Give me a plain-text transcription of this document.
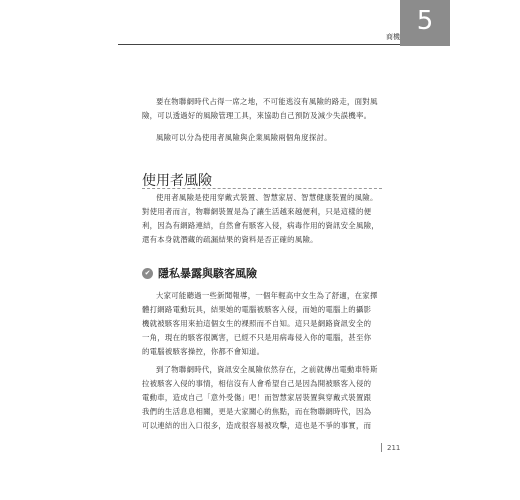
5
商機
要在物聯網時代占得一席之地，不可能逃沒有風險的路走，面對風
險，可以透過好的風險管理工具，來協助自己預防及減少失誤機率。
風險可以分為使用者風險與企業風險兩個角度探討。
使用者風險
使用者風險是使用穿戴式裝置、智慧家居、智慧健康裝置的風險。
對使用者而言，物聯網裝置是為了讓生活越來越便利，只是這樣的便
利，因為有網路連結，自然會有駭客入侵，病毒作用的資訊安全風險，
還有本身就潛藏的疏漏結果的資料是否正確的風險。
✔ 隱私暴露與駭客風險
大家可能聽過一些新聞報導，一個年輕高中女生為了舒適，在家擇
體打網路電動玩具，結果她的電腦被駭客入侵，而她的電腦上的攝影
機就被駭客用來拍這個女生的裸照而不自知。這只是網路資訊安全的
一角，現在的駭客很厲害，已經不只是用病毒侵入你的電腦，甚至你
的電腦被駭客操控，你都不會知道。
到了物聯網時代，資訊安全風險依然存在，之前就傳出電動車特斯
拉被駭客入侵的事情，相信沒有人會希望自己是因為開被駭客入侵的
電動車，造成自己「意外受傷」吧！而智慧家居裝置與穿戴式裝置跟
我們的生活息息相關，更是大家關心的焦點，而在物聯網時代，因為
可以連結的出入口很多，造成很容易被攻擊，這也是不爭的事實，而
211
